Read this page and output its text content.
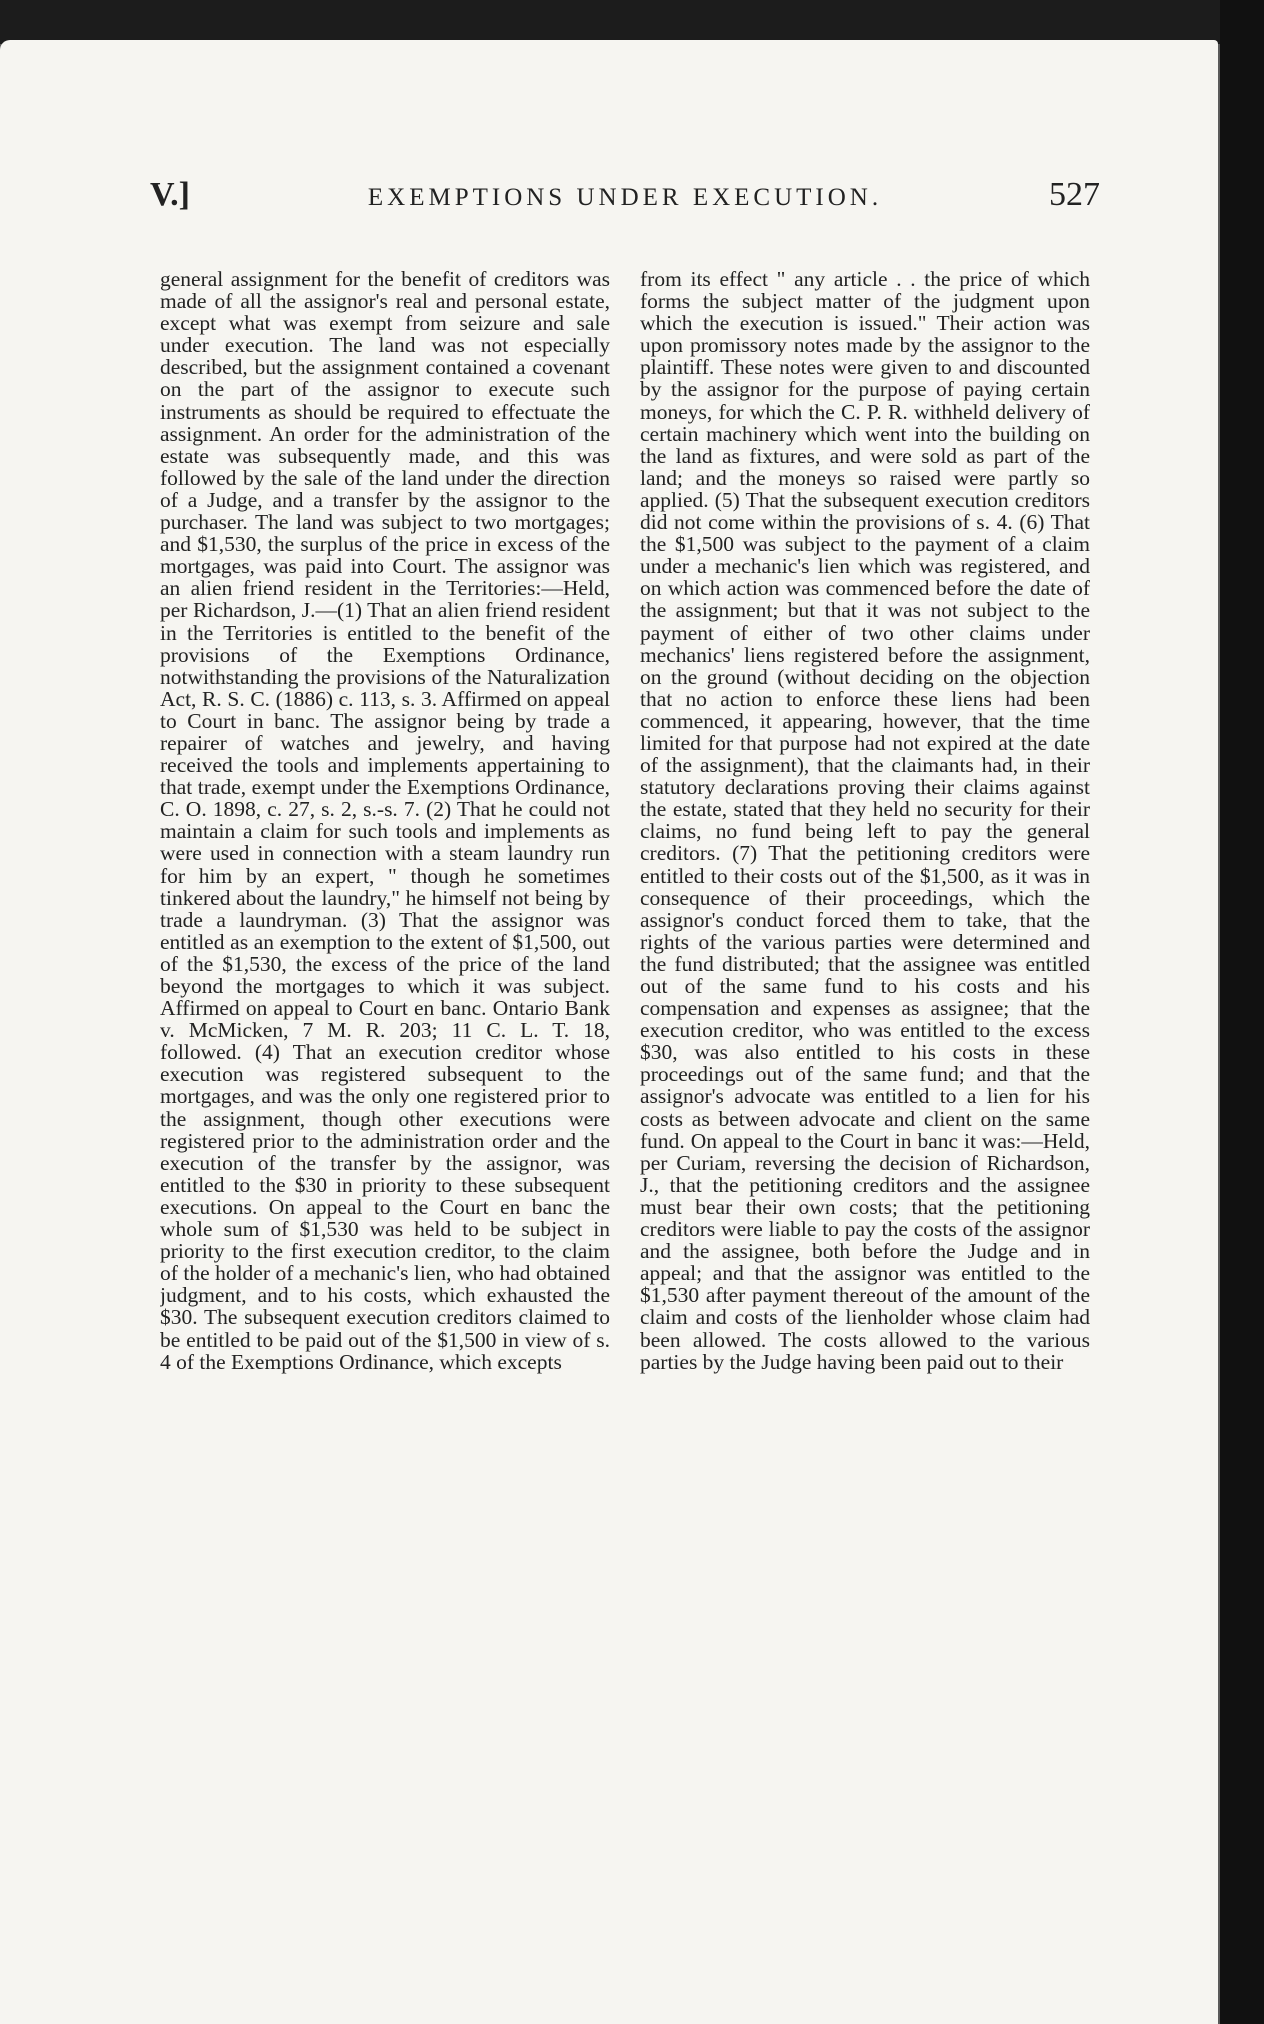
V.]	EXEMPTIONS UNDER EXECUTION.	527

general assignment for the benefit of creditors was made of all the assignor's real and personal estate, except what was exempt from seizure and sale under execution. The land was not especially described, but the assignment contained a covenant on the part of the assignor to execute such instruments as should be required to effectuate the assignment. An order for the administration of the estate was subsequently made, and this was followed by the sale of the land under the direction of a Judge, and a transfer by the assignor to the purchaser. The land was subject to two mortgages; and $1,530, the surplus of the price in excess of the mortgages, was paid into Court. The assignor was an alien friend resident in the Territories:—Held, per Richardson, J.—(1) That an alien friend resident in the Territories is entitled to the benefit of the provisions of the Exemptions Ordinance, notwithstanding the provisions of the Naturalization Act, R. S. C. (1886) c. 113, s. 3. Affirmed on appeal to Court in banc. The assignor being by trade a repairer of watches and jewelry, and having received the tools and implements appertaining to that trade, exempt under the Exemptions Ordinance, C. O. 1898, c. 27, s. 2, s.-s. 7. (2) That he could not maintain a claim for such tools and implements as were used in connection with a steam laundry run for him by an expert, " though he sometimes tinkered about the laundry," he himself not being by trade a laundryman. (3) That the assignor was entitled as an exemption to the extent of $1,500, out of the $1,530, the excess of the price of the land beyond the mortgages to which it was subject. Affirmed on appeal to Court en banc. Ontario Bank v. McMicken, 7 M. R. 203; 11 C. L. T. 18, followed. (4) That an execution creditor whose execution was registered subsequent to the mortgages, and was the only one registered prior to the assignment, though other executions were registered prior to the administration order and the execution of the transfer by the assignor, was entitled to the $30 in priority to these subsequent executions. On appeal to the Court en banc the whole sum of $1,530 was held to be subject in priority to the first execution creditor, to the claim of the holder of a mechanic's lien, who had obtained judgment, and to his costs, which exhausted the $30. The subsequent execution creditors claimed to be entitled to be paid out of the $1,500 in view of s. 4 of the Exemptions Ordinance, which excepts

from its effect " any article . . the price of which forms the subject matter of the judgment upon which the execution is issued." Their action was upon promissory notes made by the assignor to the plaintiff. These notes were given to and discounted by the assignor for the purpose of paying certain moneys, for which the C. P. R. withheld delivery of certain machinery which went into the building on the land as fixtures, and were sold as part of the land; and the moneys so raised were partly so applied. (5) That the subsequent execution creditors did not come within the provisions of s. 4. (6) That the $1,500 was subject to the payment of a claim under a mechanic's lien which was registered, and on which action was commenced before the date of the assignment; but that it was not subject to the payment of either of two other claims under mechanics' liens registered before the assignment, on the ground (without deciding on the objection that no action to enforce these liens had been commenced, it appearing, however, that the time limited for that purpose had not expired at the date of the assignment), that the claimants had, in their statutory declarations proving their claims against the estate, stated that they held no security for their claims, no fund being left to pay the general creditors. (7) That the petitioning creditors were entitled to their costs out of the $1,500, as it was in consequence of their proceedings, which the assignor's conduct forced them to take, that the rights of the various parties were determined and the fund distributed; that the assignee was entitled out of the same fund to his costs and his compensation and expenses as assignee; that the execution creditor, who was entitled to the excess $30, was also entitled to his costs in these proceedings out of the same fund; and that the assignor's advocate was entitled to a lien for his costs as between advocate and client on the same fund. On appeal to the Court in banc it was:—Held, per Curiam, reversing the decision of Richardson, J., that the petitioning creditors and the assignee must bear their own costs; that the petitioning creditors were liable to pay the costs of the assignor and the assignee, both before the Judge and in appeal; and that the assignor was entitled to the $1,530 after payment thereout of the amount of the claim and costs of the lienholder whose claim had been allowed. The costs allowed to the various parties by the Judge having been paid out to their
